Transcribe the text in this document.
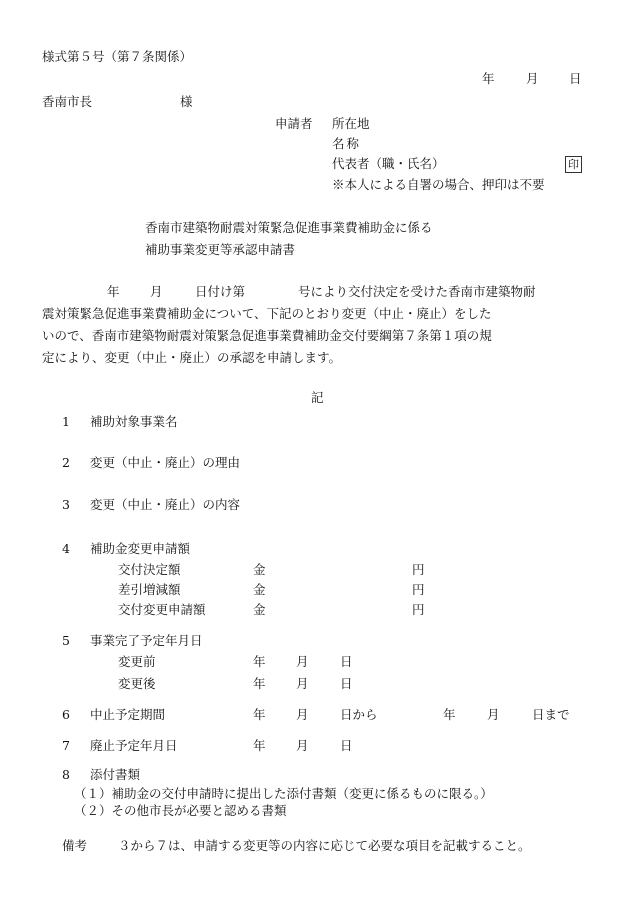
様式第５号（第７条関係）
年	月 日
香南市長	様
申請者 所在地
名称
代表者（職・氏名）	印
※本人による自署の場合、押印は不要
香南市建築物耐震対策緊急促進事業費補助金に係る
補助事業変更等承認申請書
年 月	日付け第	号により交付決定を受けた香南市建築物耐
震対策緊急促進事業費補助金について、下記のとおり変更（中止・廃止）をした
いので、香南市建築物耐震対策緊急促進事業費補助金交付要綱第７条第１項の規
定により、変更（中止・廃止）の承認を申請します。
記
1 補助対象事業名
2 変更（中止・廃止）の理由
3 変更（中止・廃止）の内容
4 補助金変更申請額
交付決定額	金	円
差引増減額	金	円
交付変更申請額	金	円
5 事業完了予定年月日
変更前	年 月	日
変更後	年 月	日
6 中止予定期間	年 月	日から	年	月	日まで
7 廃止予定年月日	年 月	日
8 添付書類
（１）補助金の交付申請時に提出した添付書類（変更に係るものに限る。）
（２）その他市長が必要と認める書類
備考 ３から７は、申請する変更等の内容に応じて必要な項目を記載すること。
